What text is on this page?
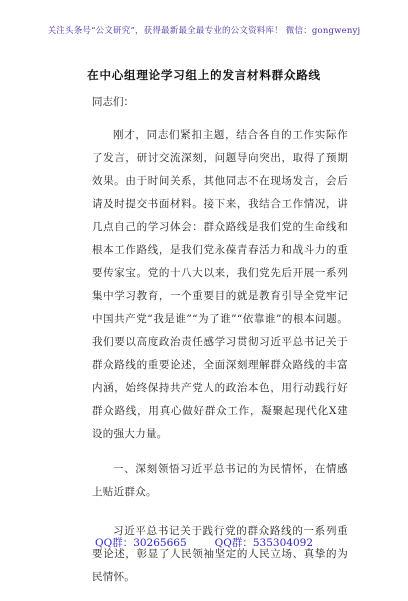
关注头条号“公文研究”，获得最新最全最专业的公文资料库！ 微信：gongwenyj
在中心组理论学习组上的发言材料群众路线

同志们：

刚才，同志们紧扣主题，结合各自的工作实际作了发言，研讨交流深刻，问题导向突出，取得了预期效果。由于时间关系，其他同志不在现场发言，会后请及时提交书面材料。接下来，我结合工作情况，讲几点自己的学习体会：群众路线是我们党的生命线和根本工作路线，是我们党永葆青春活力和战斗力的重要传家宝。党的十八大以来，我们党先后开展一系列集中学习教育，一个重要目的就是教育引导全党牢记中国共产党“我是谁”“为了谁”“依靠谁”的根本问题。我们要以高度政治责任感学习贯彻习近平总书记关于群众路线的重要论述，全面深刻理解群众路线的丰富内涵，始终保持共产党人的政治本色，用行动践行好群众路线，用真心做好群众工作，凝聚起现代化X建设的强大力量。

一、深刻领悟习近平总书记的为民情怀，在情感上贴近群众。

习近平总书记关于践行党的群众路线的一系列重要论述，彰显了人民领袖坚定的人民立场、真挚的为民情怀。

QQ群：30265665	QQ群：535304092
